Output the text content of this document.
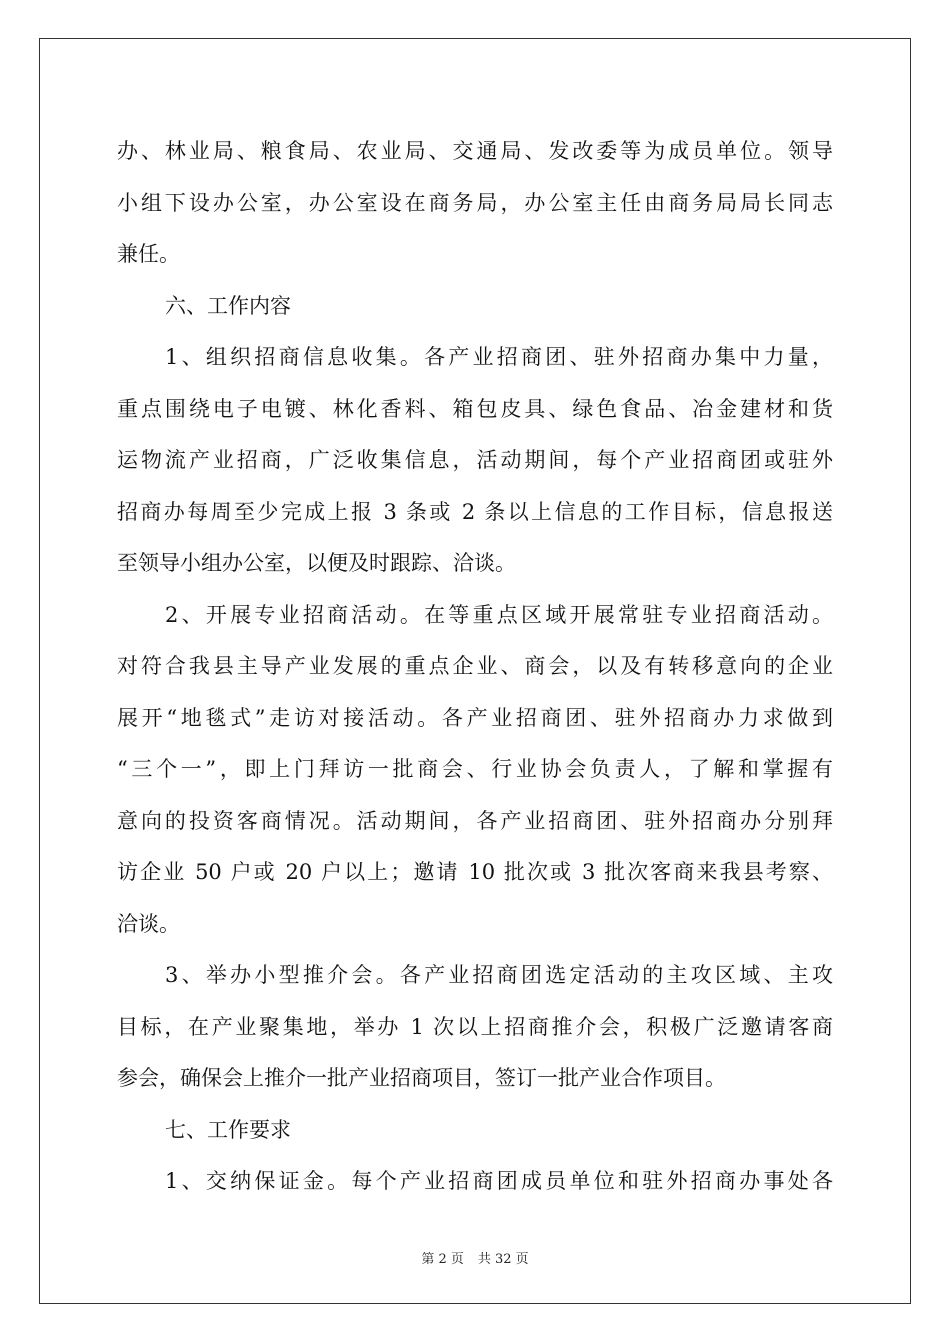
办、林业局、粮食局、农业局、交通局、发改委等为成员单位。领导
小组下设办公室，办公室设在商务局，办公室主任由商务局局长同志
兼任。
六、工作内容
1、组织招商信息收集。各产业招商团、驻外招商办集中力量，
重点围绕电子电镀、林化香料、箱包皮具、绿色食品、冶金建材和货
运物流产业招商，广泛收集信息，活动期间，每个产业招商团或驻外
招商办每周至少完成上报 3 条或 2 条以上信息的工作目标，信息报送
至领导小组办公室，以便及时跟踪、洽谈。
2、开展专业招商活动。在等重点区域开展常驻专业招商活动。
对符合我县主导产业发展的重点企业、商会，以及有转移意向的企业
展开“地毯式”走访对接活动。各产业招商团、驻外招商办力求做到
“三个一”，即上门拜访一批商会、行业协会负责人，了解和掌握有
意向的投资客商情况。活动期间，各产业招商团、驻外招商办分别拜
访企业 50 户或 20 户以上；邀请 10 批次或 3 批次客商来我县考察、
洽谈。
3、举办小型推介会。各产业招商团选定活动的主攻区域、主攻
目标，在产业聚集地，举办 1 次以上招商推介会，积极广泛邀请客商
参会，确保会上推介一批产业招商项目，签订一批产业合作项目。
七、工作要求
1、交纳保证金。每个产业招商团成员单位和驻外招商办事处各
第 2 页 共 32 页
